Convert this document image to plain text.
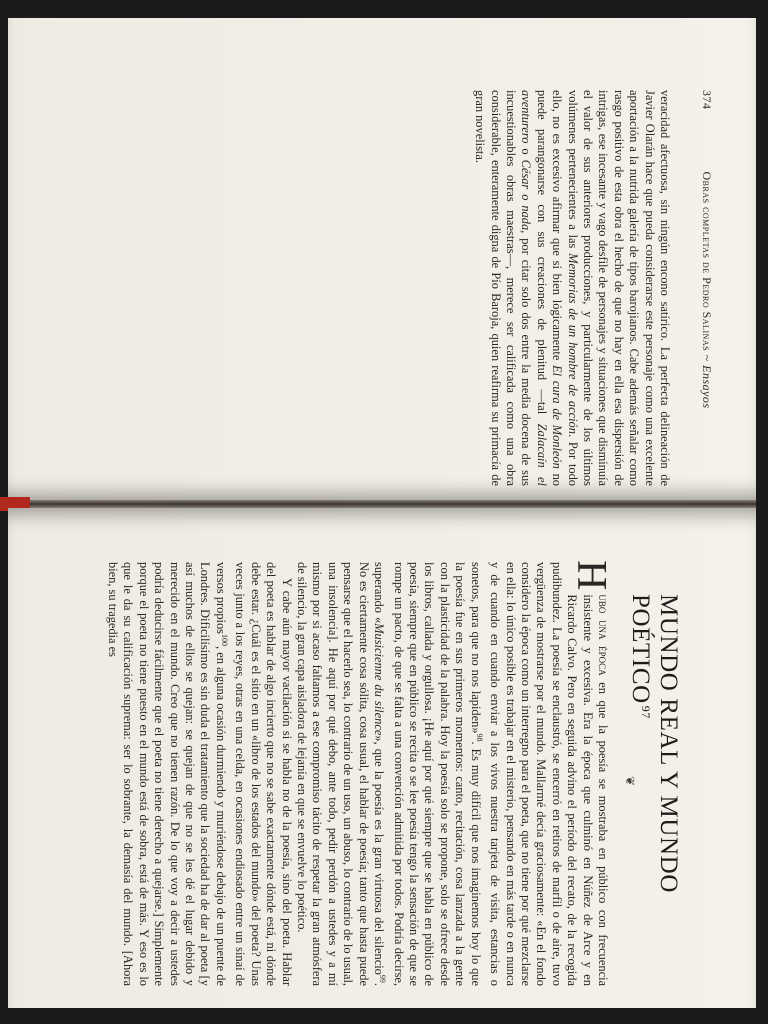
374
Obras completas de Pedro Salinas ~ Ensayos

veracidad afectuosa, sin ningún encono satírico. La perfecta delineación de Javier Olarán hace que pueda considerarse este personaje como una excelente aportación a la nutrida galería de tipos barojianos. Cabe además señalar como rasgo positivo de esta obra el hecho de que no hay en ella esa dispersión de intrigas, ese incesante y vago desfile de personajes y situaciones que disminuía el valor de sus anteriores producciones, y particularmente de los últimos volúmenes pertenecientes a las Memorias de un hombre de acción. Por todo ello, no es excesivo afirmar que si bien lógicamente El cura de Monleón no puede parangonarse con sus creaciones de plenitud —tal Zalacaín el aventurero o César o nada, por citar solo dos entre la media docena de sus incuestionables obras maestras—, merece ser calificada como una obra considerable, enteramente digna de Pío Baroja, quien reafirma su primacía de gran novelista.

MUNDO REAL Y MUNDO POÉTICO$^{97}$
❦

H
ubo una época en que la poesía se mostraba en público con frecuencia insistente y excesiva. Era la época que culminó en Núñez de Arce y en Ricardo Calvo. Pero en seguida advino el período del recato, de la recogida pudibundez. La poesía se enclaustró, se encerró en retiros de marfil o de aire, tuvo vergüenza de mostrarse por el mundo. Mallarmé decía graciosamente: «En el fondo considero la época como un interregno para el poeta, que no tiene por qué mezclarse en ella: lo único posible es trabajar en el misterio, pensando en más tarde o en nunca y de cuando en cuando enviar a los vivos nuestra tarjeta de visita, estancias o sonetos, para que no nos lapiden»$^{98}$. Es muy difícil que nos imaginemos hoy lo que la poesía fue en sus primeros momentos: canto, recitación, cosa lanzada a la gente con la plasticidad de la palabra. Hoy la poesía solo se propone, solo se ofrece desde los libros, callada y orgullosa. ¡He aquí por qué siempre que se habla en público de poesía, siempre que en público se recita o se lee poesía tengo la sensación de que se rompe un pacto, de que se falta a una convención admitida por todos. Podría decirse, superando «Musicienne du silence», que la poesía es la gran virtuosa del silencio$^{99}$. No es ciertamente cosa sólita, cosa usual, el hablar de poesía; tanto que hasta puede pensarse que el hacerlo sea, lo contrario de un uso, un abuso, lo contrario de lo usual, una insolencia]. He aquí por qué debo, ante todo, pedir perdón a ustedes y a mí mismo por si acaso faltamos a ese compromiso tácito de respetar la gran atmósfera de silencio, la gran capa aisladora de lejanía en que se envuelve lo poético.

Y cabe aún mayor vacilación si se habla no de la poesía, sino del poeta. Hablar del poeta es hablar de algo incierto que no se sabe exactamente dónde está, ni dónde debe estar. ¿Cuál es el sitio en un «libro de los estados del mundo» del poeta? Unas veces junto a los reyes, otras en una celda, en ocasiones endiosado entre un sinaí de versos propios$^{100}$, en alguna ocasión durmiendo y muriéndose debajo de un puente de Londres. Dificilísimo es sin duda el tratamiento que la sociedad ha de dar al poeta [y así muchos de ellos se quejan: se quejan de que no se les dé el lugar debido y merecido en el mundo. Creo que no tienen razón. De lo que voy a decir a ustedes podría deducirse fácilmente que el poeta no tiene derecho a quejarse.] Simplemente porque el poeta no tiene puesto en el mundo está de sobra, está de más. Y eso es lo que le da su calificación suprema: ser lo sobrante, la demasía del mundo. [Ahora bien, su tragedia es
